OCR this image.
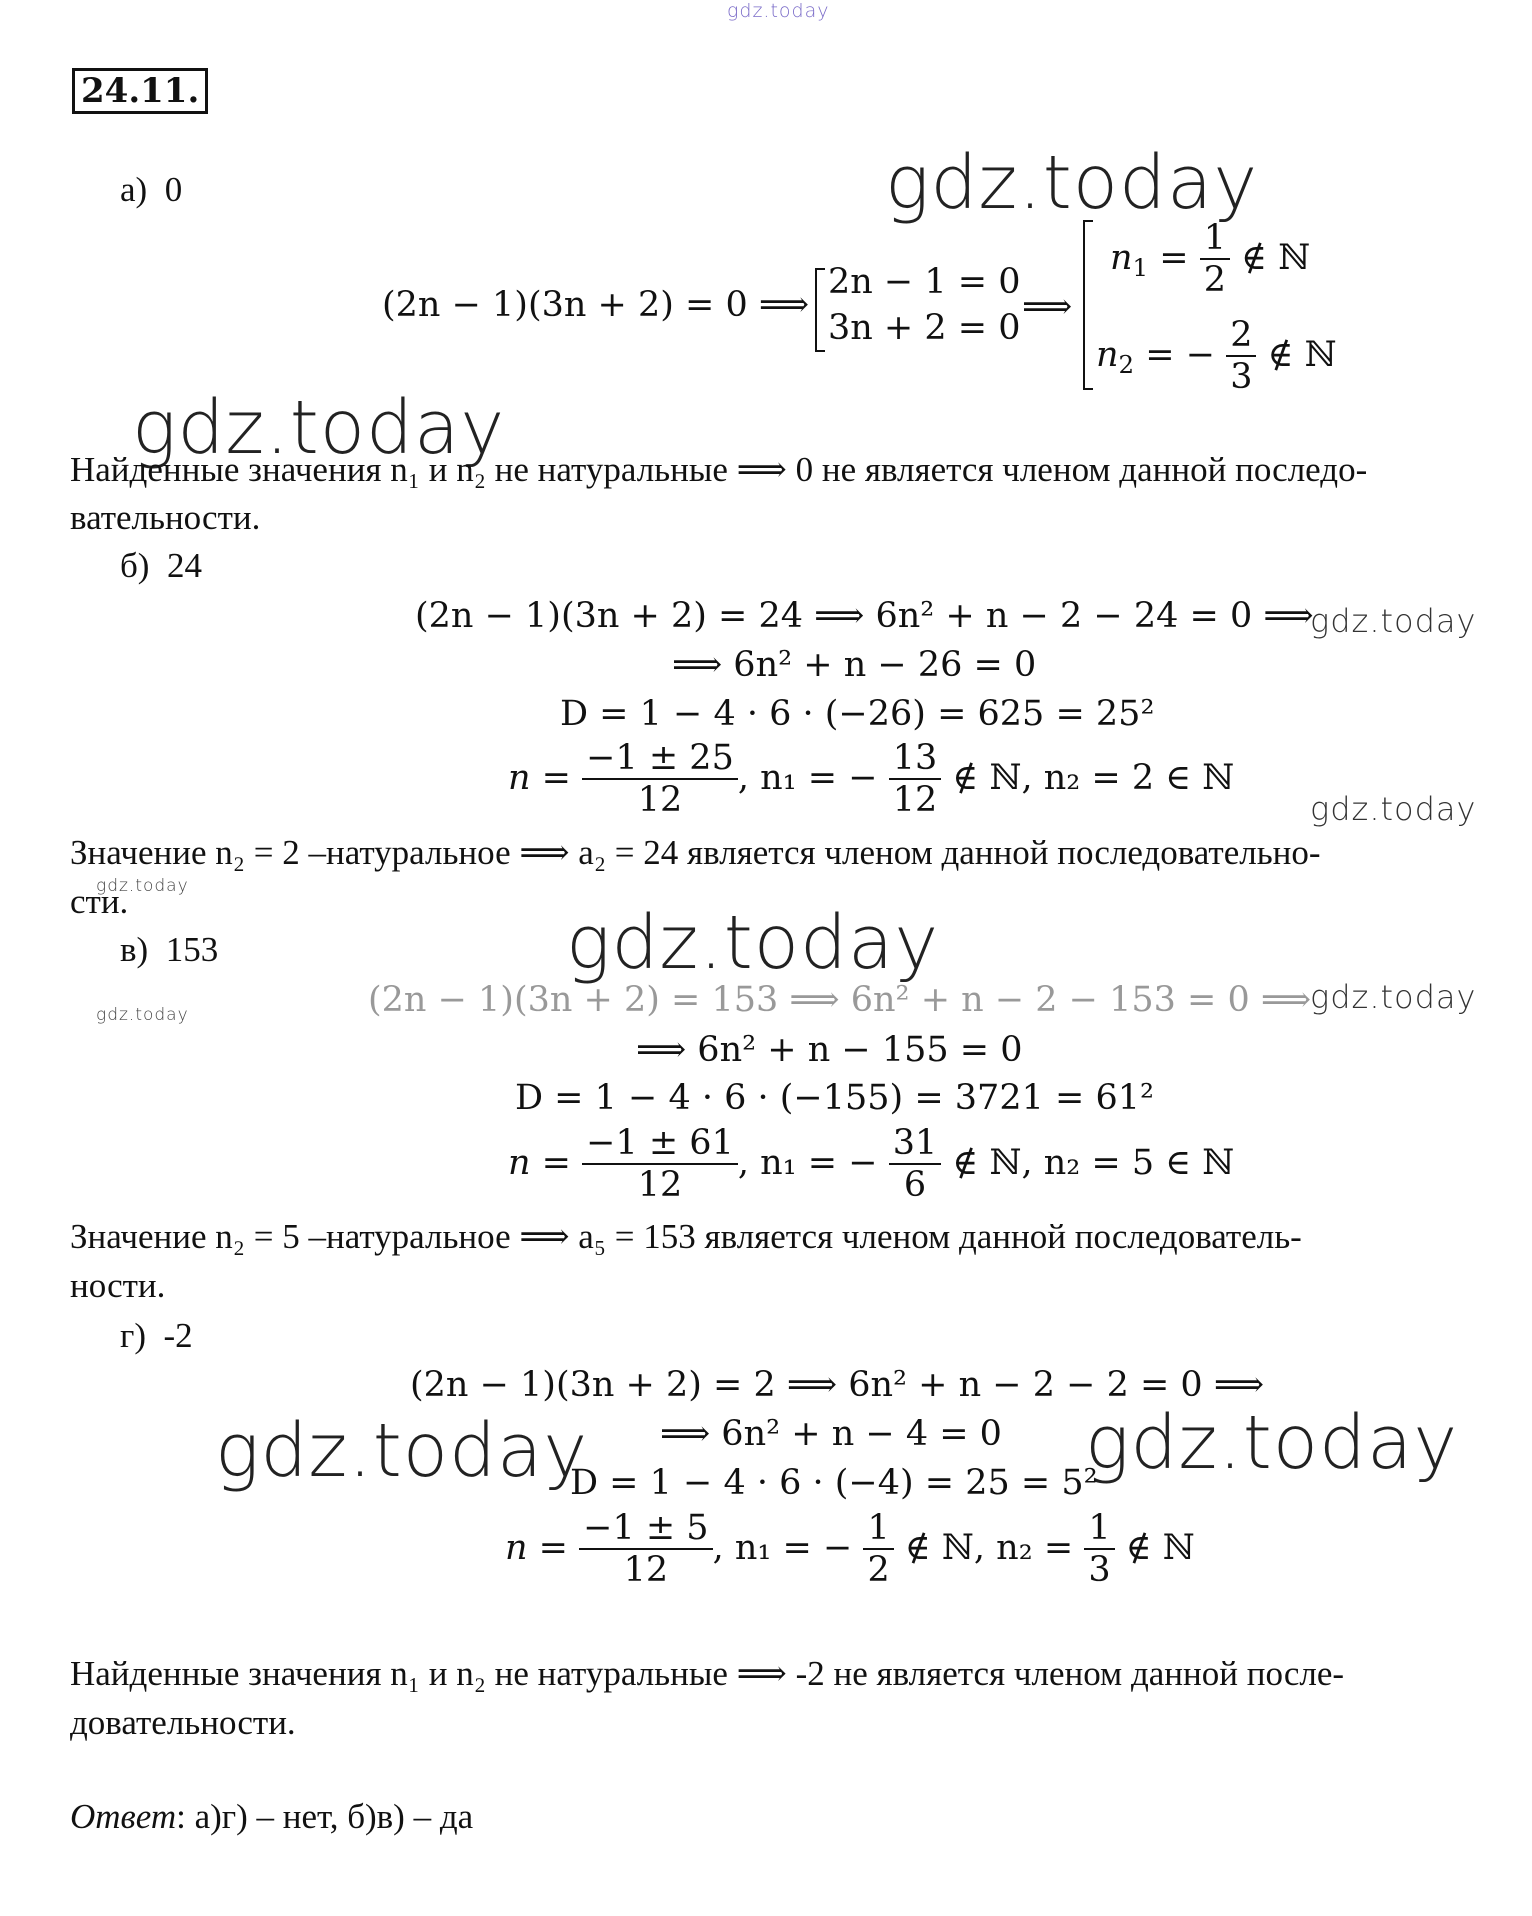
gdz.today
gdz.today
gdz.today
gdz.today
gdz.today
gdz.today
gdz.today
gdz.today
gdz.today
gdz.today	gdz.today
24.11.
а) 0
(2n − 1)(3n + 2) = 0 ⟹
2n − 1 = 0
3n + 2 = 0
⟹
$n_1 = \frac{1}{2}$ ∉ ℕ
$n_2$ = − $\frac{2}{3}$ ∉ ℕ
Найденные значения n₁ и n₂ не натуральные ⟹ 0 не является членом данной последо-
вательности.
б) 24
(2n − 1)(3n + 2) = 24 ⟹ 6n² + n − 2 − 24 = 0 ⟹
⟹ 6n² + n − 26 = 0
D = 1 − 4 · 6 · (−26) = 625 = 25²
$n = \frac{-1 \pm 25}{12}$ , n₁ = − $\frac{13}{12}$ ∉ ℕ, n₂ = 2 ∈ ℕ
Значение n₂ = 2 –натуральное ⟹ a₂ = 24 является членом данной последовательно-
сти.
в) 153
(2n − 1)(3n + 2) = 153 ⟹ 6n² + n − 2 − 153 = 0 ⟹
⟹ 6n² + n − 155 = 0
D = 1 − 4 · 6 · (−155) = 3721 = 61²
$n = \frac{-1 \pm 61}{12}$ , n₁ = − $\frac{31}{6}$ ∉ ℕ, n₂ = 5 ∈ ℕ
Значение n₂ = 5 –натуральное ⟹ a₅ = 153 является членом данной последователь-
ности.
г) -2
(2n − 1)(3n + 2) = 2 ⟹ 6n² + n − 2 − 2 = 0 ⟹
⟹ 6n² + n − 4 = 0
D = 1 − 4 · 6 · (−4) = 25 = 5²
$n = \frac{-1 \pm 5}{12}$ , n₁ = − $\frac{1}{2}$ ∉ ℕ, $n_2 = \frac{1}{3}$ ∉ ℕ
Найденные значения n₁ и n₂ не натуральные ⟹ -2 не является членом данной после-
довательности.
Ответ: а)г) – нет, б)в) – да
